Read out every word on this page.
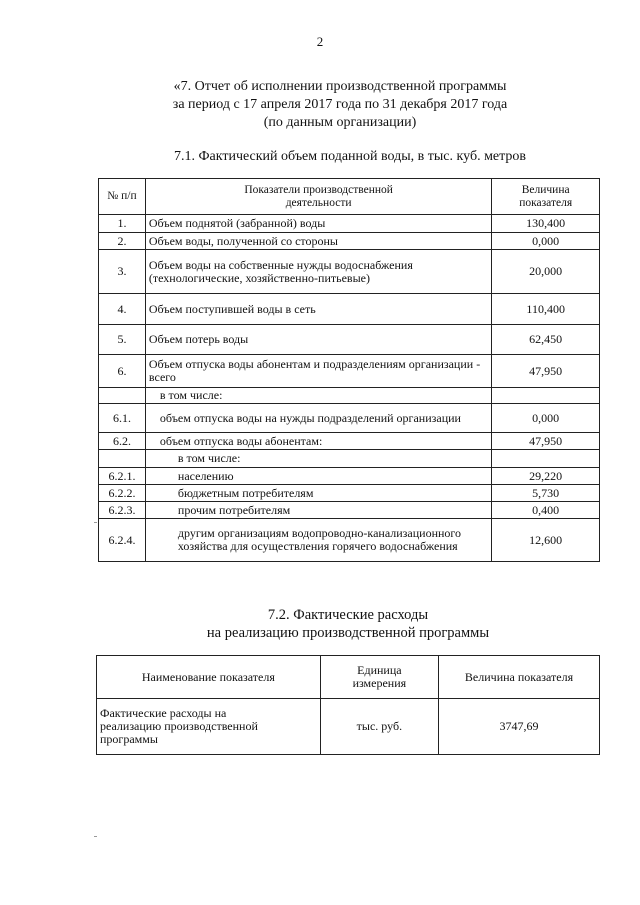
2
«7. Отчет об исполнении производственной программы
за период с 17 апреля 2017 года по 31 декабря 2017 года
(по данным организации)
7.1. Фактический объем поданной воды, в тыс. куб. метров
№ п/п	Показатели производственной деятельности	Величина показателя
1.	Объем поднятой (забранной) воды	130,400
2.	Объем воды, полученной со стороны	0,000
3.	Объем воды на собственные нужды водоснабжения (технологические, хозяйственно-питьевые)	20,000
4.	Объем поступившей воды в сеть	110,400
5.	Объем потерь воды	62,450
6.	Объем отпуска воды абонентам и подразделениям организации - всего	47,950
	в том числе:	
6.1.	объем отпуска воды на нужды подразделений организации	0,000
6.2.	объем отпуска воды абонентам:	47,950
	в том числе:	
6.2.1.	населению	29,220
6.2.2.	бюджетным потребителям	5,730
6.2.3.	прочим потребителям	0,400
6.2.4.	другим организациям водопроводно-канализационного хозяйства для осуществления горячего водоснабжения	12,600
7.2. Фактические расходы
на реализацию производственной программы
Наименование показателя	Единица измерения	Величина показателя
Фактические расходы на реализацию производственной программы	тыс. руб.	3747,69
